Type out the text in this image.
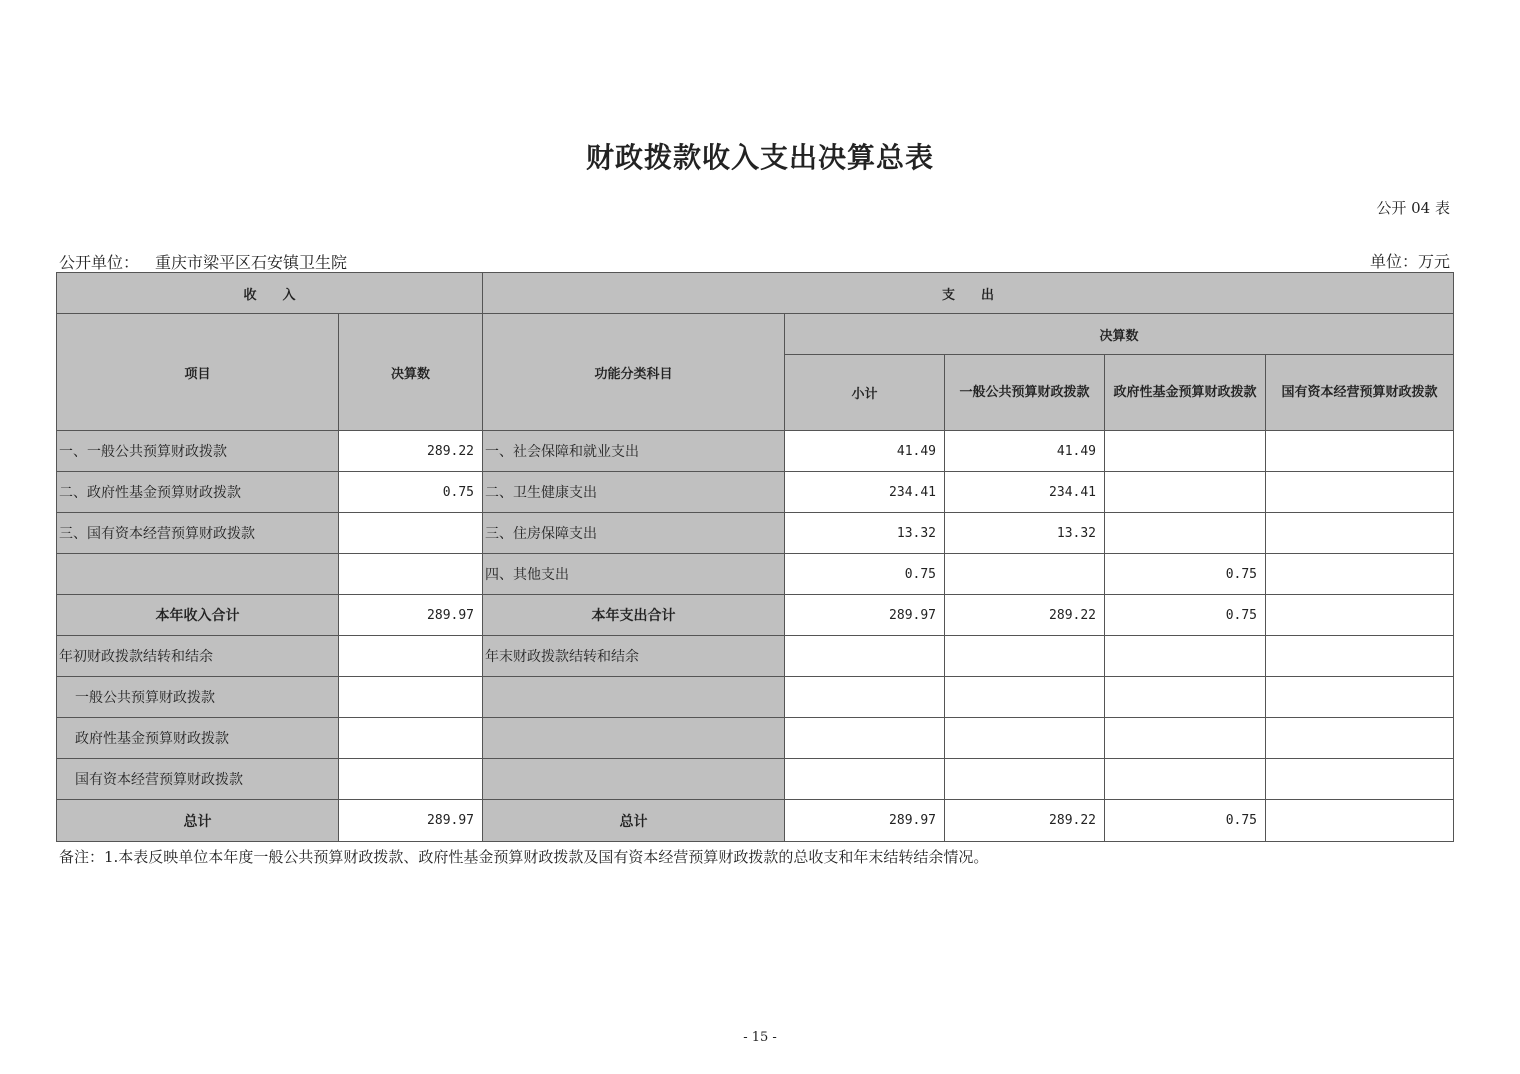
财政拨款收入支出决算总表
公开 04 表
公开单位： 重庆市梁平区石安镇卫生院	单位：万元
收　　入		支　　出				
项目	决算数	功能分类科目	决算数			
			小计	一般公共预算财政拨款	政府性基金预算财政拨款	国有资本经营预算财政拨款
一、一般公共预算财政拨款	289.22	一、社会保障和就业支出	41.49	41.49		
二、政府性基金预算财政拨款	0.75	二、卫生健康支出	234.41	234.41		
三、国有资本经营预算财政拨款		三、住房保障支出	13.32	13.32		
		四、其他支出	0.75		0.75	
本年收入合计	289.97	本年支出合计	289.97	289.22	0.75	
年初财政拨款结转和结余		年末财政拨款结转和结余				
一般公共预算财政拨款						
政府性基金预算财政拨款						
国有资本经营预算财政拨款						
总计	289.97	总计	289.97	289.22	0.75	
备注：1.本表反映单位本年度一般公共预算财政拨款、政府性基金预算财政拨款及国有资本经营预算财政拨款的总收支和年末结转结余情况。
- 15 -
